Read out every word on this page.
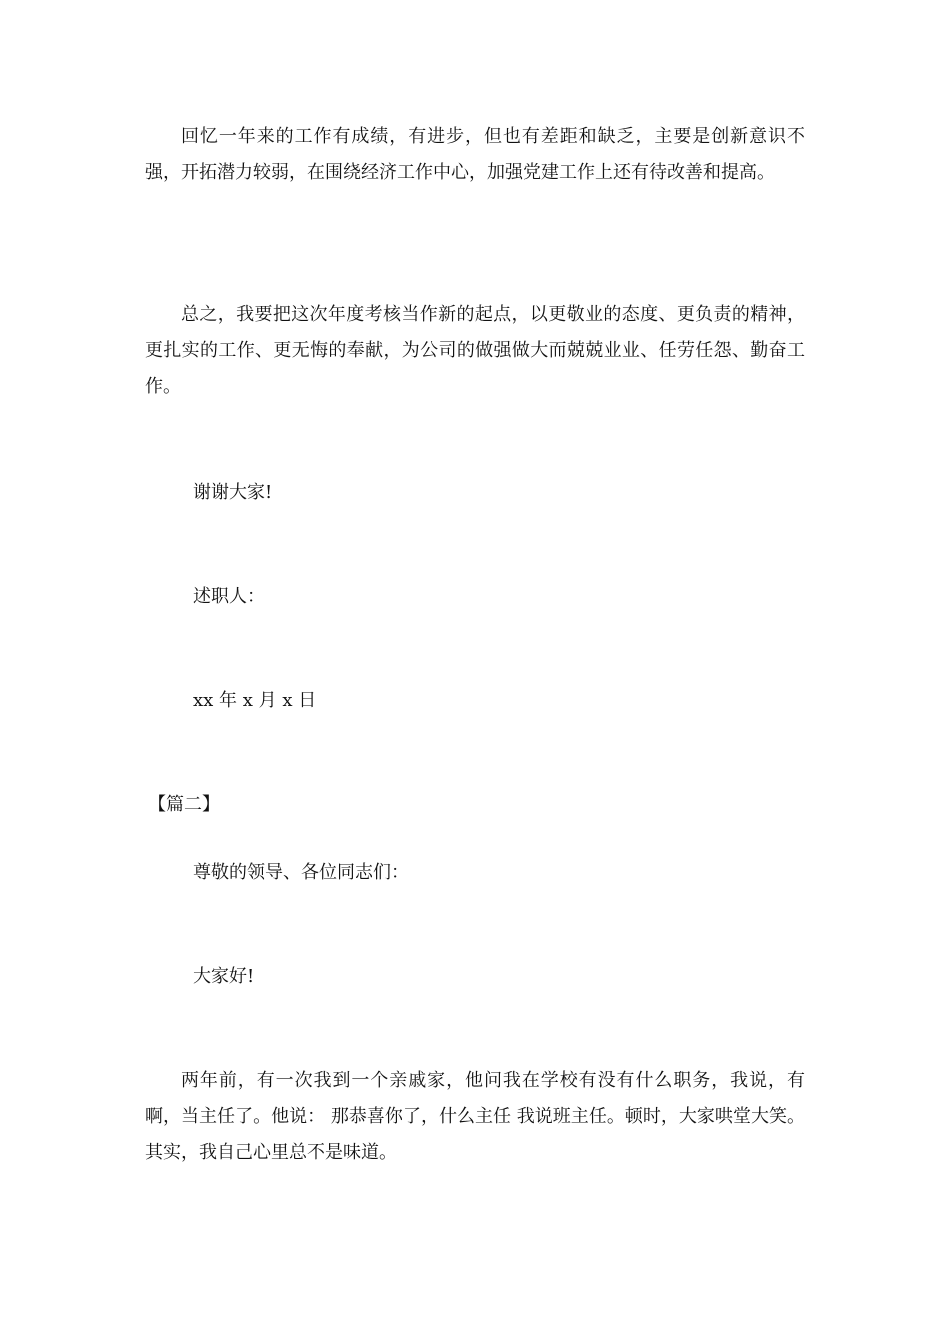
回忆一年来的工作有成绩，有进步，但也有差距和缺乏，主要是创新意识不强，开拓潜力较弱，在围绕经济工作中心，加强党建工作上还有待改善和提高。

总之，我要把这次年度考核当作新的起点，以更敬业的态度、更负责的精神，更扎实的工作、更无悔的奉献，为公司的做强做大而兢兢业业、任劳任怨、勤奋工作。

谢谢大家!

述职人：

xx 年 x 月 x 日

【篇二】

尊敬的领导、各位同志们：

大家好!

两年前，有一次我到一个亲戚家，他问我在学校有没有什么职务，我说，有啊，当主任了。他说： 那恭喜你了，什么主任 我说班主任。顿时，大家哄堂大笑。其实，我自己心里总不是味道。
